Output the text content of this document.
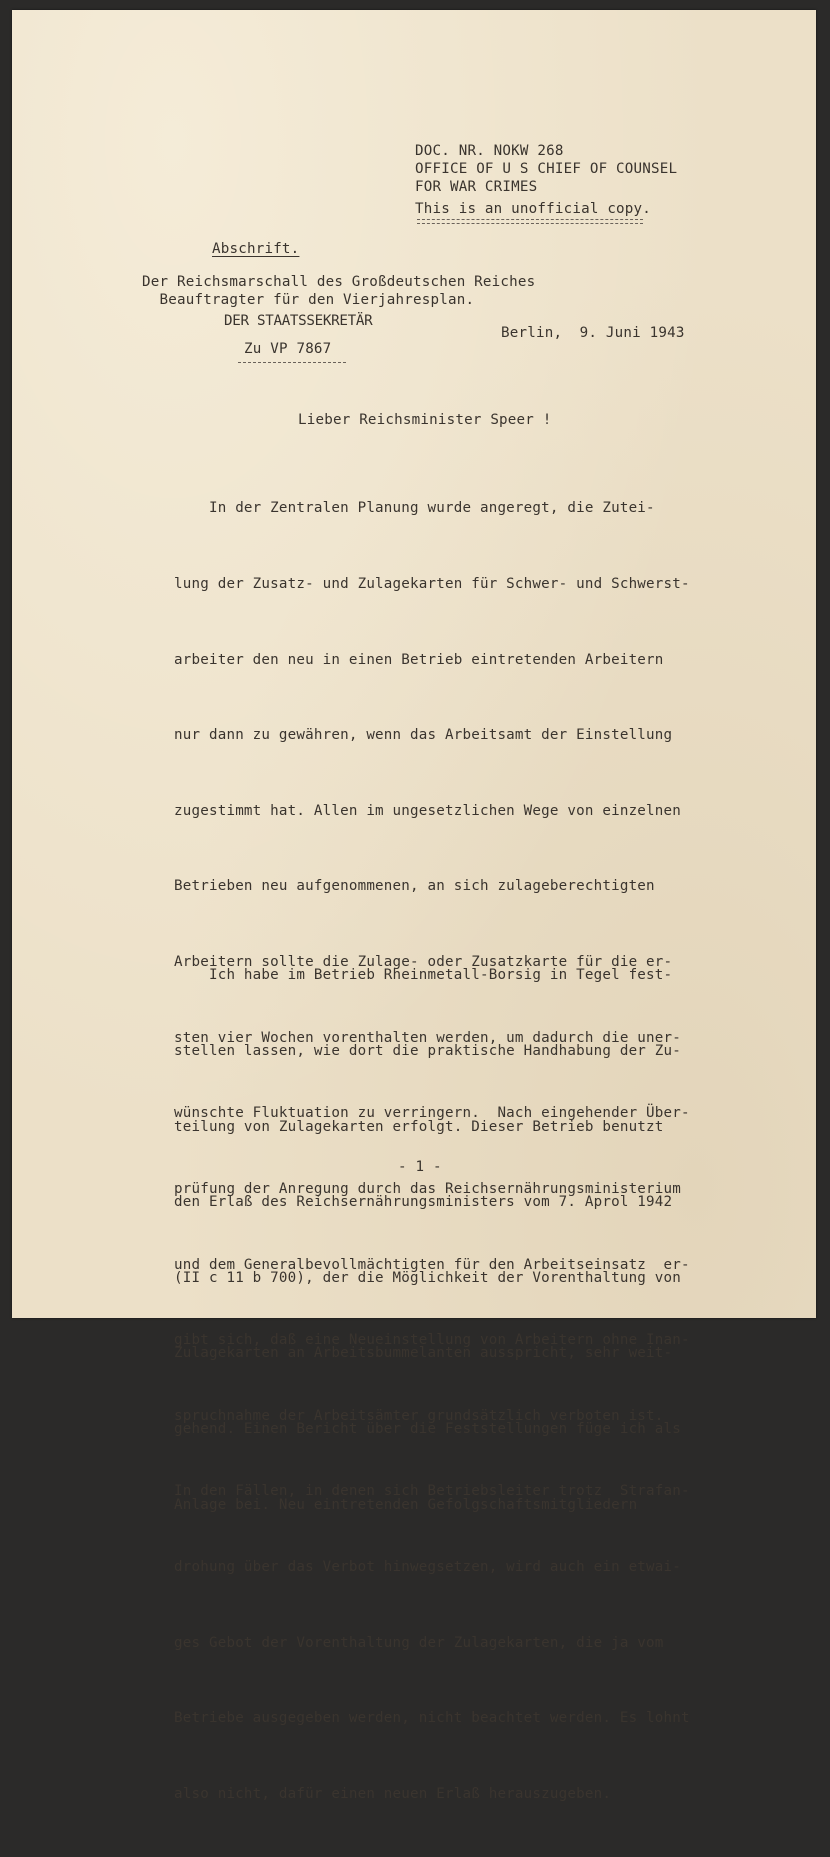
DOC. NR. NOKW 268
OFFICE OF U S CHIEF OF COUNSEL
FOR WAR CRIMES
This is an unofficial copy.
Abschrift.
Der Reichsmarschall des Großdeutschen Reiches
Beauftragter für den Vierjahresplan.
DER STAATSSEKRETÄR
Zu VP 7867
Berlin,  9. Juni 1943
Lieber Reichsminister Speer !

In der Zentralen Planung wurde angeregt, die Zutei-

lung der Zusatz- und Zulagekarten für Schwer- und Schwerst-

arbeiter den neu in einen Betrieb eintretenden Arbeitern

nur dann zu gewähren, wenn das Arbeitsamt der Einstellung

zugestimmt hat. Allen im ungesetzlichen Wege von einzelnen

Betrieben neu aufgenommenen, an sich zulageberechtigten

Arbeitern sollte die Zulage- oder Zusatzkarte für die er-

sten vier Wochen vorenthalten werden, um dadurch die uner-

wünschte Fluktuation zu verringern.  Nach eingehender Über-

prüfung der Anregung durch das Reichsernährungsministerium

und dem Generalbevollmächtigten für den Arbeitseinsatz  er-

gibt sich, daß eine Neueinstellung von Arbeitern ohne Inan-

spruchnahme der Arbeitsämter grundsätzlich verboten ist.

In den Fällen, in denen sich Betriebsleiter trotz  Strafan-

drohung über das Verbot hinwegsetzen, wird auch ein etwai-

ges Gebot der Vorenthaltung der Zulagekarten, die ja vom

Betriebe ausgegeben werden, nicht beachtet werden. Es lohnt

also nicht, dafür einen neuen Erlaß herauszugeben.

Ich habe im Betrieb Rheinmetall-Borsig in Tegel fest-

stellen lassen, wie dort die praktische Handhabung der Zu-

teilung von Zulagekarten erfolgt. Dieser Betrieb benutzt

den Erlaß des Reichsernährungsministers vom 7. Aprol 1942

(II c 11 b 700), der die Möglichkeit der Vorenthaltung von

Zulagekarten an Arbeitsbummelanten ausspricht, sehr weit-

gehend. Einen Bericht über die Feststellungen füge ich als

Anlage bei. Neu eintretenden Gefolgschaftsmitgliedern

- 1 -
